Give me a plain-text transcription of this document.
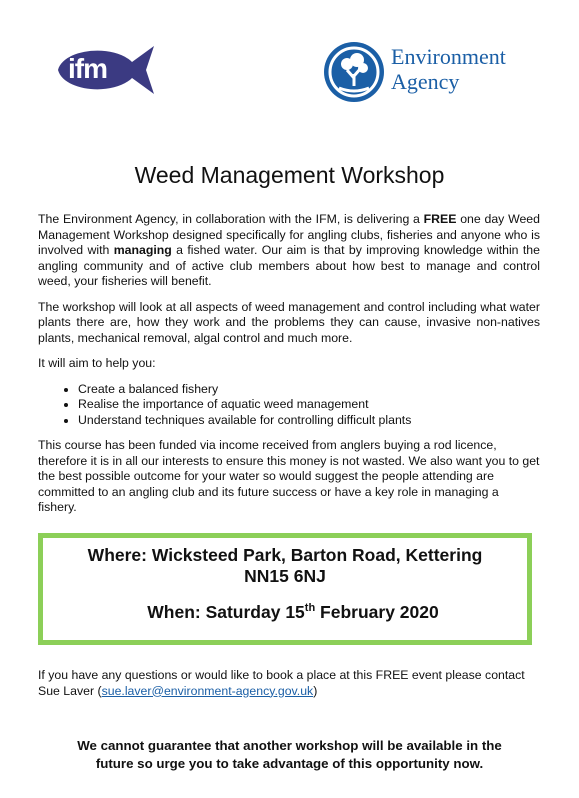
ifm	Environment
Agency
Weed Management Workshop

The Environment Agency, in collaboration with the IFM, is delivering a FREE one day Weed Management Workshop designed specifically for angling clubs, fisheries and anyone who is involved with managing a fished water. Our aim is that by improving knowledge within the angling community and of active club members about how best to manage and control weed, your fisheries will benefit.

The workshop will look at all aspects of weed management and control including what water plants there are, how they work and the problems they can cause, invasive non-natives plants, mechanical removal, algal control and much more.

It will aim to help you:

• Create a balanced fishery
• Realise the importance of aquatic weed management
• Understand techniques available for controlling difficult plants

This course has been funded via income received from anglers buying a rod licence, therefore it is in all our interests to ensure this money is not wasted. We also want you to get the best possible outcome for your water so would suggest the people attending are committed to an angling club and its future success or have a key role in managing a fishery.

Where: Wicksteed Park, Barton Road, Kettering
NN15 6NJ
When: Saturday 15th February 2020
If you have any questions or would like to book a place at this FREE event please contact Sue Laver (sue.laver@environment-agency.gov.uk)
We cannot guarantee that another workshop will be available in the
future so urge you to take advantage of this opportunity now.
